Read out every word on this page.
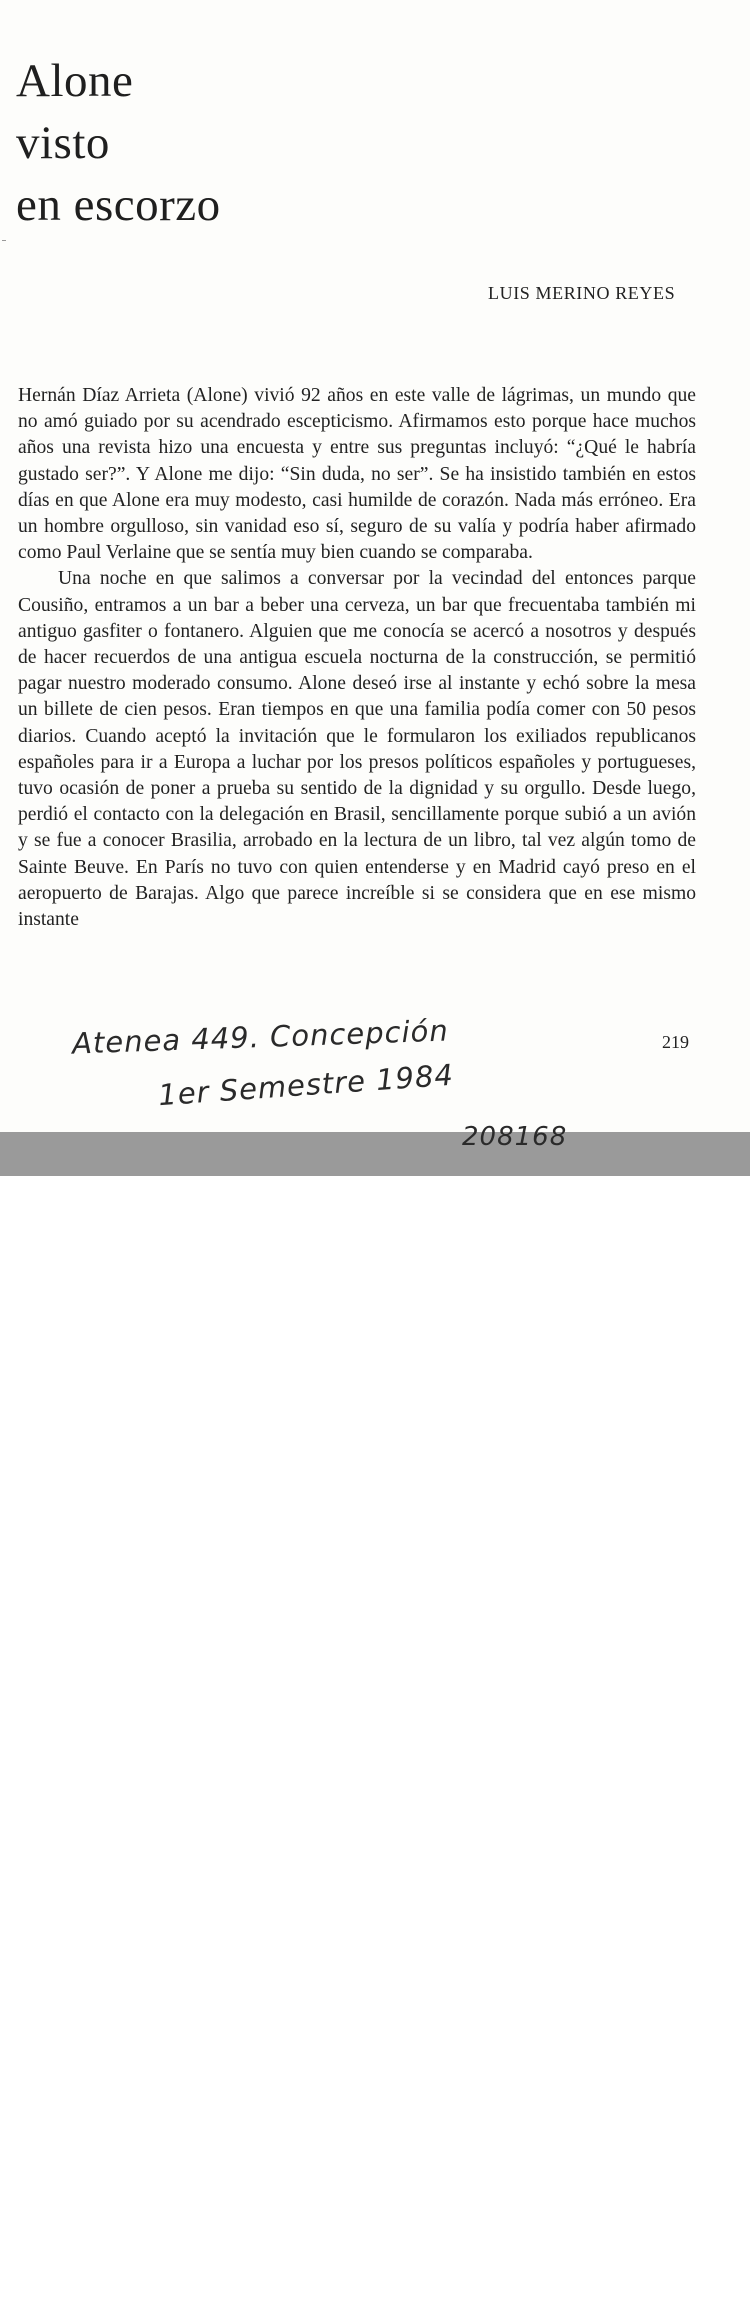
Alone
visto
en escorzo
LUIS MERINO REYES

Hernán Díaz Arrieta (Alone) vivió 92 años en este valle de lágrimas, un mundo que no amó guiado por su acendrado escepticismo. Afirmamos esto porque hace muchos años una revista hizo una encuesta y entre sus preguntas incluyó: “¿Qué le habría gustado ser?”. Y Alone me dijo: “Sin duda, no ser”. Se ha insistido también en estos días en que Alone era muy modesto, casi humilde de corazón. Nada más erróneo. Era un hombre orgulloso, sin vanidad eso sí, seguro de su valía y podría haber afirmado como Paul Verlaine que se sentía muy bien cuando se comparaba.

Una noche en que salimos a conversar por la vecindad del entonces parque Cousiño, entramos a un bar a beber una cerveza, un bar que frecuentaba también mi antiguo gasfiter o fontanero. Alguien que me conocía se acercó a nosotros y después de hacer recuerdos de una antigua escuela nocturna de la construcción, se permitió pagar nuestro moderado consumo. Alone deseó irse al instante y echó sobre la mesa un billete de cien pesos. Eran tiempos en que una familia podía comer con 50 pesos diarios. Cuando aceptó la invitación que le formularon los exiliados republicanos españoles para ir a Europa a luchar por los presos políticos españoles y portugueses, tuvo ocasión de poner a prueba su sentido de la dignidad y su orgullo. Desde luego, perdió el contacto con la delegación en Brasil, sencillamente porque subió a un avión y se fue a conocer Brasilia, arrobado en la lectura de un libro, tal vez algún tomo de Sainte Beuve. En París no tuvo con quien entenderse y en Madrid cayó preso en el aeropuerto de Barajas. Algo que parece increíble si se considera que en ese mismo instante

Atenea 449. Concepción
1er Semestre 1984
219
memoriachilena.cl
208168
